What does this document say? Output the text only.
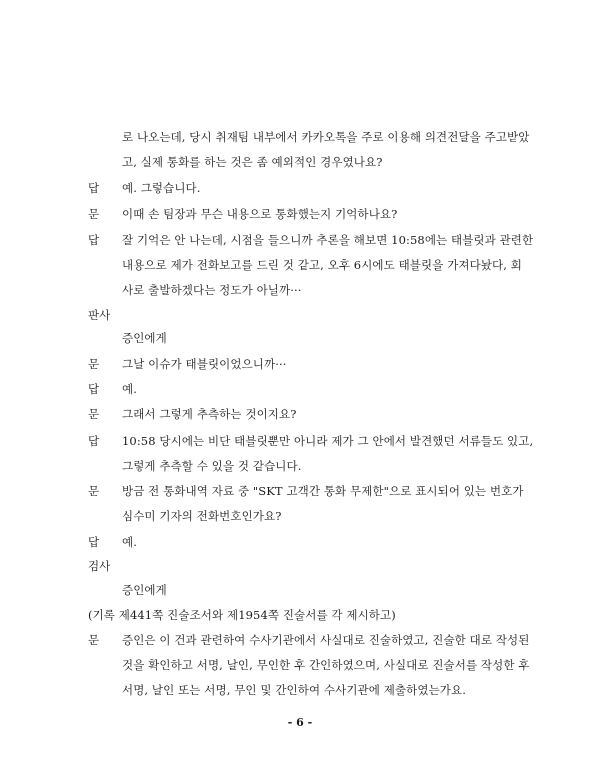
로 나오는데, 당시 취재팀 내부에서 카카오톡을 주로 이용해 의견전달을 주고받았
고, 실제 통화를 하는 것은 좀 예외적인 경우였나요?
답 예. 그렇습니다.
문 이때 손 팀장과 무슨 내용으로 통화했는지 기억하나요?
답 잘 기억은 안 나는데, 시점을 들으니까 추론을 해보면 10:58에는 태블릿과 관련한
내용으로 제가 전화보고를 드린 것 같고, 오후 6시에도 태블릿을 가져다놨다, 회
사로 출발하겠다는 정도가 아닐까···
판사
증인에게
문 그날 이슈가 태블릿이었으니까···
답 예.
문 그래서 그렇게 추측하는 것이지요?
답 10:58 당시에는 비단 태블릿뿐만 아니라 제가 그 안에서 발견했던 서류들도 있고,
그렇게 추측할 수 있을 것 같습니다.
문 방금 전 통화내역 자료 중 "SKT 고객간 통화 무제한"으로 표시되어 있는 번호가
심수미 기자의 전화번호인가요?
답 예.
검사
증인에게
(기록 제441쪽 진술조서와 제1954쪽 진술서를 각 제시하고)
문 증인은 이 건과 관련하여 수사기관에서 사실대로 진술하였고, 진술한 대로 작성된
것을 확인하고 서명, 날인, 무인한 후 간인하였으며, 사실대로 진술서를 작성한 후
서명, 날인 또는 서명, 무인 및 간인하여 수사기관에 제출하였는가요.
- 6 -
